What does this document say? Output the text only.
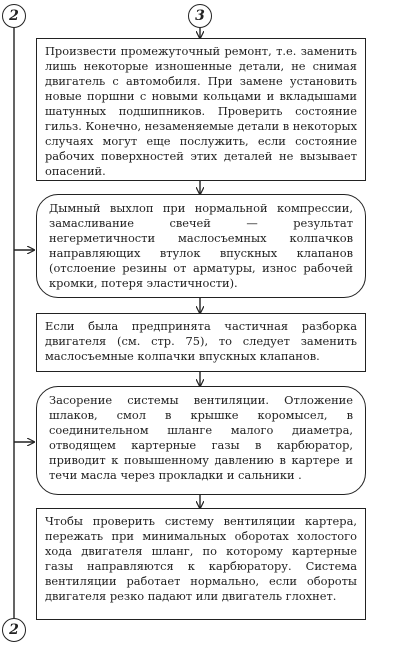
2	3
2

Произвести промежуточный ремонт, т.е. заменить лишь некоторые изношенные детали, не снимая двигатель с автомобиля. При замене установить новые поршни с новыми кольцами и вкладышами шатунных подшипников. Проверить состояние гильз. Конечно, незаменяемые детали в некоторых случаях могут еще послужить, если состояние рабочих поверхностей этих деталей не вызывает опасений.

Дымный выхлоп при нормальной компрессии, замасливание свечей — результат негерметичности маслосъемных колпачков направляющих втулок впускных клапанов (отслоение резины от арматуры, износ рабочей кромки, потеря эластичности).

Если была предпринята частичная разборка двигателя (см. стр. 75), то следует заменить маслосъемные колпачки впускных клапанов.

Засорение системы вентиляции. Отложение шлаков, смол в крышке коромысел, в соединительном шланге малого диаметра, отводящем картерные газы в карбюратор, приводит к повышенному давлению в картере и течи масла через прокладки и сальники .

Чтобы проверить систему вентиляции картера, пережать при минимальных оборотах холостого хода двигателя шланг, по которому картерные газы направляются к карбюратору. Система вентиляции работает нормально, если обороты двигателя резко падают или двигатель глохнет.
